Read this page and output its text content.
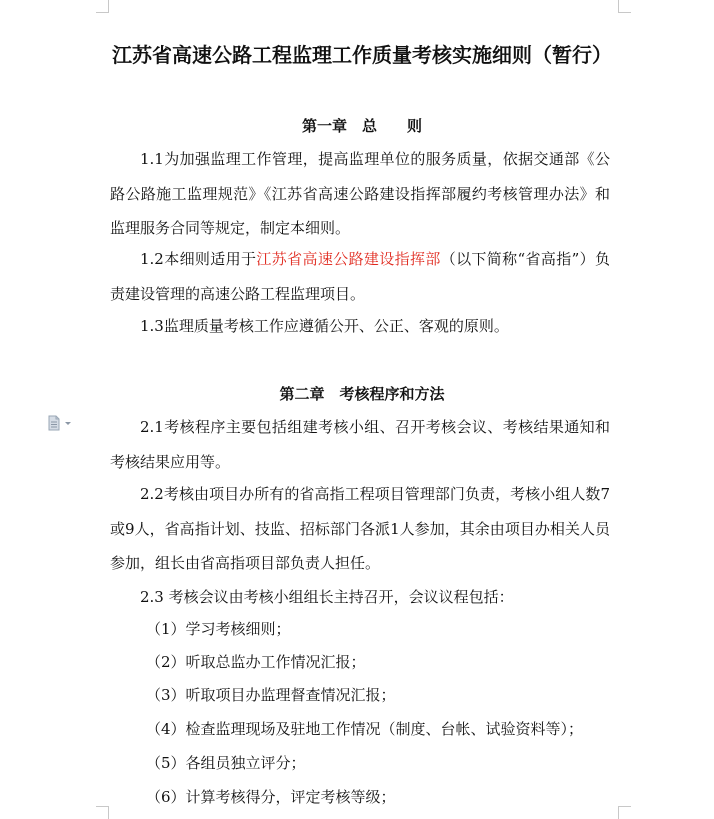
江苏省高速公路工程监理工作质量考核实施细则（暂行）
第一章　总　　则

1.1为加强监理工作管理，提高监理单位的服务质量，依据交通部《公路公路施工监理规范》《江苏省高速公路建设指挥部履约考核管理办法》和监理服务合同等规定，制定本细则。

1.2本细则适用于江苏省高速公路建设指挥部（以下简称“省高指”）负责建设管理的高速公路工程监理项目。

1.3监理质量考核工作应遵循公开、公正、客观的原则。

第二章　考核程序和方法

2.1考核程序主要包括组建考核小组、召开考核会议、考核结果通知和考核结果应用等。

2.2考核由项目办所有的省高指工程项目管理部门负责，考核小组人数7或9人，省高指计划、技监、招标部门各派1人参加，其余由项目办相关人员参加，组长由省高指项目部负责人担任。

2.3 考核会议由考核小组组长主持召开，会议议程包括：

（1）学习考核细则；

（2）听取总监办工作情况汇报；

（3）听取项目办监理督查情况汇报；

（4）检查监理现场及驻地工作情况（制度、台帐、试验资料等）；

（5）各组员独立评分；

（6）计算考核得分，评定考核等级；
